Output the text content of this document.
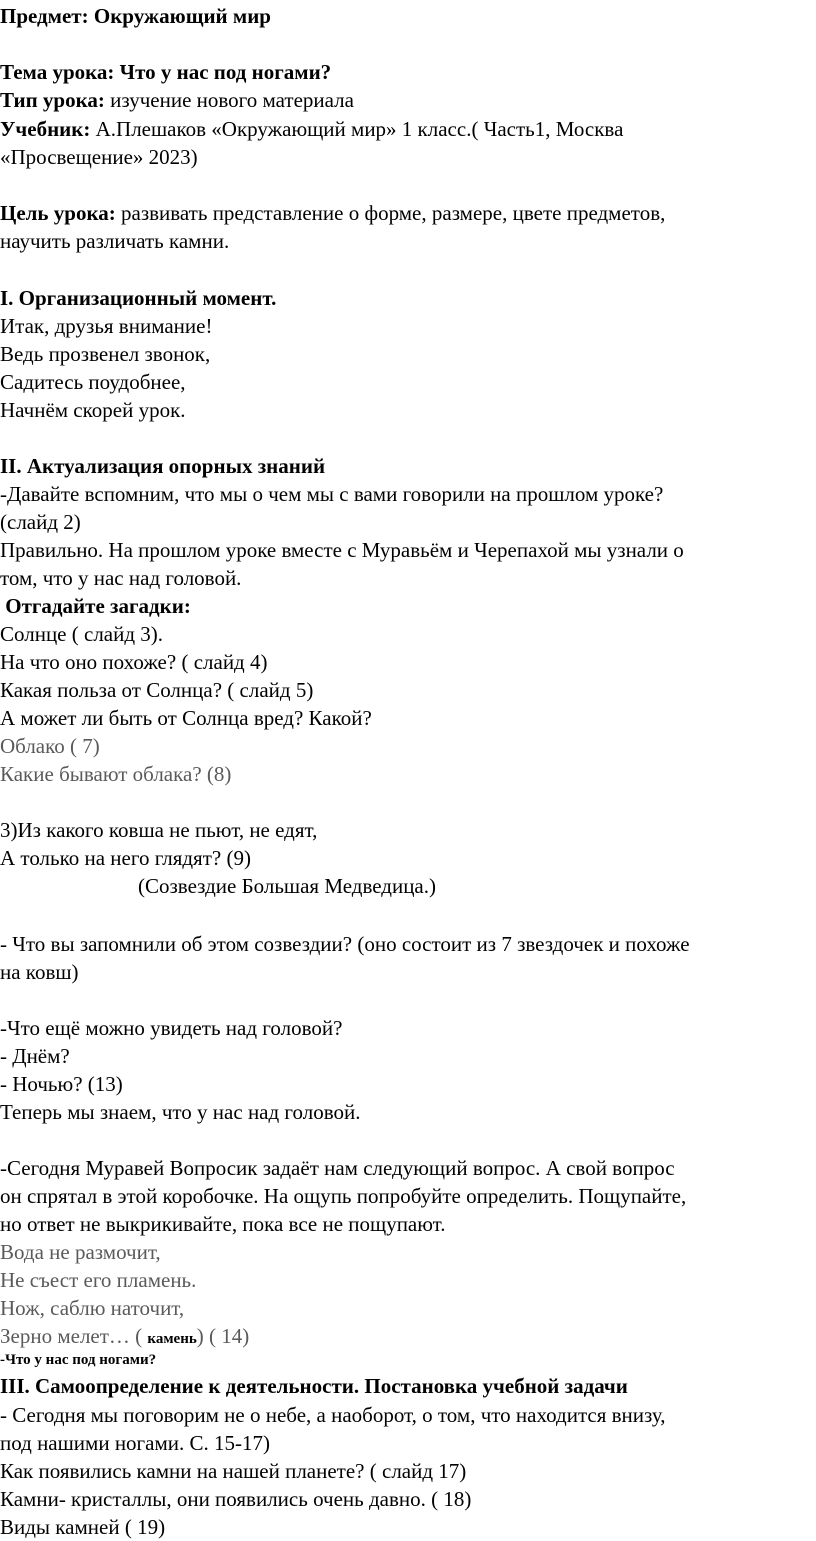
Предмет: Окружающий мир
Тема урока: Что у нас под ногами?
Тип урока: изучение нового материала
Учебник: А.Плешаков «Окружающий мир» 1 класс.( Часть1, Москва
«Просвещение» 2023)
Цель урока: развивать представление о форме, размере, цвете предметов,
научить различать камни.
I. Организационный момент.
Итак, друзья внимание!
Ведь прозвенел звонок,
Садитесь поудобнее,
Начнём скорей урок.
II. Актуализация опорных знаний
-Давайте вспомним, что мы о чем мы с вами говорили на прошлом уроке?
(слайд 2)
Правильно. На прошлом уроке вместе с Муравьём и Черепахой мы узнали о
том, что у нас над головой.
Отгадайте загадки:
Солнце ( слайд 3).
На что оно похоже? ( слайд 4)
Какая польза от Солнца? ( слайд 5)
А может ли быть от Солнца вред? Какой?
Облако ( 7)
Какие бывают облака? (8)
3)Из какого ковша не пьют, не едят,
А только на него глядят? (9)
(Созвездие Большая Медведица.)
- Что вы запомнили об этом созвездии? (оно состоит из 7 звездочек и похоже
на ковш)
-Что ещё можно увидеть над головой?
- Днём?
- Ночью? (13)
Теперь мы знаем, что у нас над головой.
-Сегодня Муравей Вопросик задаёт нам следующий вопрос. А свой вопрос
он спрятал в этой коробочке. На ощупь попробуйте определить. Пощупайте,
но ответ не выкрикивайте, пока все не пощупают.
Вода не размочит,
Не съест его пламень.
Нож, саблю наточит,
Зерно мелет… ( камень) ( 14)
-Что у нас под ногами?
III. Самоопределение к деятельности. Постановка учебной задачи
- Сегодня мы поговорим не о небе, а наоборот, о том, что находится внизу,
под нашими ногами. С. 15-17)
Как появились камни на нашей планете? ( слайд 17)
Камни- кристаллы, они появились очень давно. ( 18)
Виды камней ( 19)
